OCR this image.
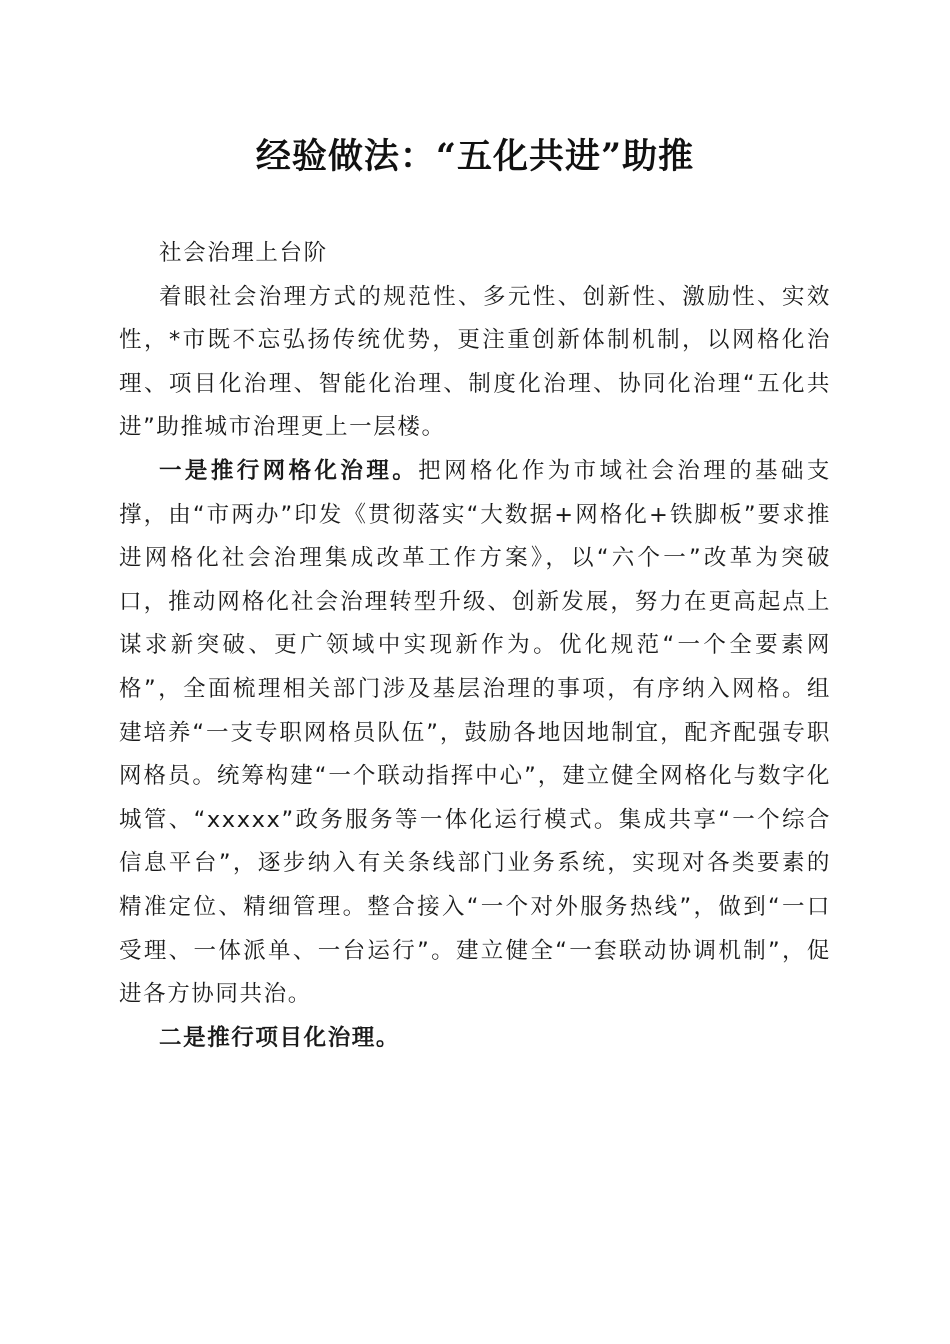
经验做法：“五化共进”助推

社会治理上台阶

着眼社会治理方式的规范性、多元性、创新性、激励性、实效性，*市既不忘弘扬传统优势，更注重创新体制机制，以网格化治理、项目化治理、智能化治理、制度化治理、协同化治理“五化共进”助推城市治理更上一层楼。

一是推行网格化治理。把网格化作为市域社会治理的基础支撑，由“市两办”印发《贯彻落实“大数据+网格化+铁脚板”要求推进网格化社会治理集成改革工作方案》，以“六个一”改革为突破口，推动网格化社会治理转型升级、创新发展，努力在更高起点上谋求新突破、更广领域中实现新作为。优化规范“一个全要素网格”，全面梳理相关部门涉及基层治理的事项，有序纳入网格。组建培养“一支专职网格员队伍”，鼓励各地因地制宜，配齐配强专职网格员。统筹构建“一个联动指挥中心”，建立健全网格化与数字化城管、“xxxxx”政务服务等一体化运行模式。集成共享“一个综合信息平台”，逐步纳入有关条线部门业务系统，实现对各类要素的精准定位、精细管理。整合接入“一个对外服务热线”，做到“一口受理、一体派单、一台运行”。建立健全“一套联动协调机制”，促进各方协同共治。

二是推行项目化治理。
